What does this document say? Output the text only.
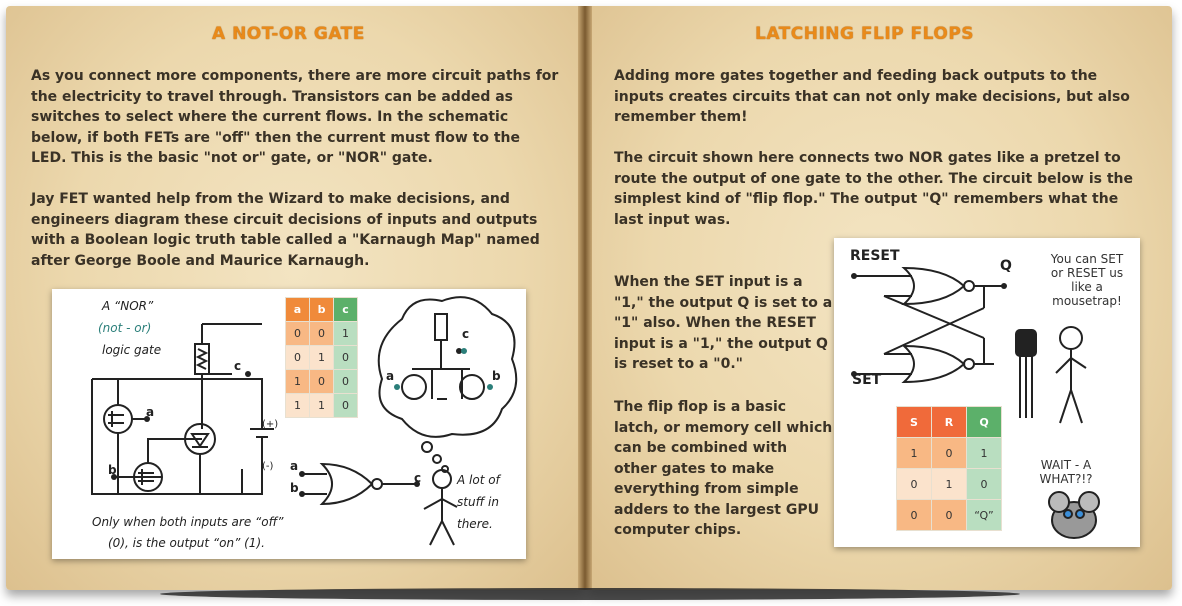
A NOT-OR GATE

As you connect more components, there are more circuit paths for the electricity to travel through. Transistors can be added as switches to select where the current flows. In the schematic below, if both FETs are "off" then the current must flow to the LED. This is the basic "not or" gate, or "NOR" gate.

Jay FET wanted help from the Wizard to make decisions, and engineers diagram these circuit decisions of inputs and outputs with a Boolean logic truth table called a "Karnaugh Map" named after George Boole and Maurice Karnaugh.

A “NOR”
(not - or)
logic gate
c
a
b
(+)
(-)
c
a	b
a
b
c	A lot of stuff in there.
Only when both inputs are “off”
(0), is the output “on” (1).
a	b	c
0	0	1
0	1	0
1	0	0
1	1	0
LATCHING FLIP FLOPS

Adding more gates together and feeding back outputs to the inputs creates circuits that can not only make decisions, but also remember them!

The circuit shown here connects two NOR gates like a pretzel to route the output of one gate to the other. The circuit below is the simplest kind of "flip flop." The output "Q" remembers what the last input was.

When the SET input is a "1," the output Q is set to a "1" also. When the RESET input is a "1," the output Q is reset to a "0."

The flip flop is a basic latch, or memory cell which can be combined with other gates to make everything from simple adders to the largest GPU computer chips.

RESET
SET
Q	You can SET or RESET us like a mousetrap!
WAIT - A WHAT?!?
S	R	Q
1	0	1
0	1	0
0	0	“Q”
